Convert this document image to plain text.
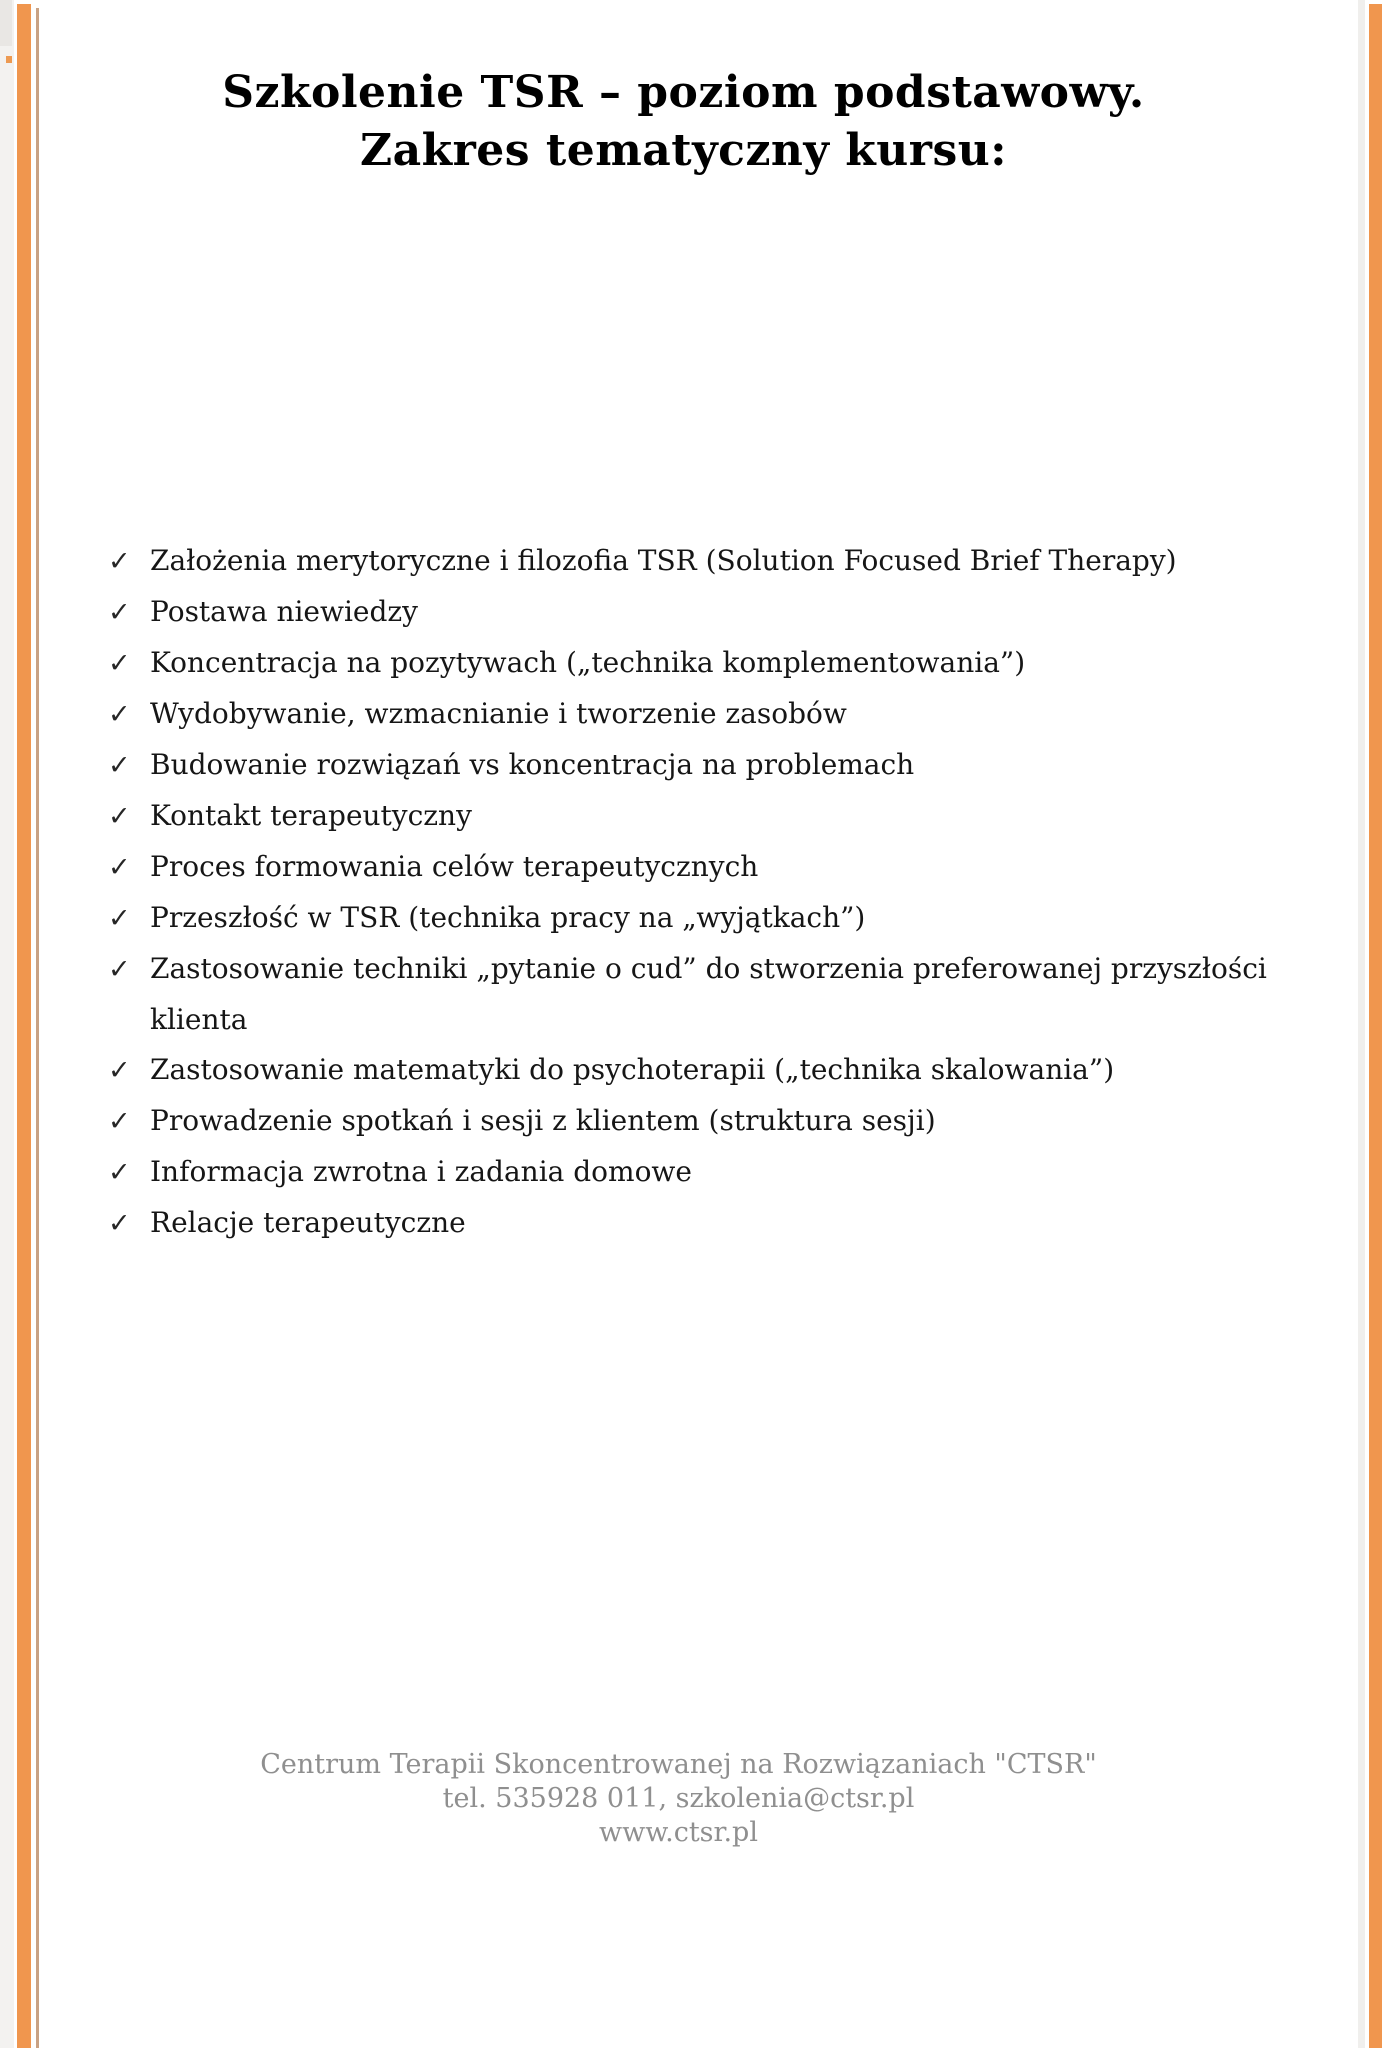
Szkolenie TSR – poziom podstawowy.
Zakres tematyczny kursu:
✓ Założenia merytoryczne i filozofia TSR (Solution Focused Brief Therapy)
✓ Postawa niewiedzy
✓ Koncentracja na pozytywach („technika komplementowania”)
✓ Wydobywanie, wzmacnianie i tworzenie zasobów
✓ Budowanie rozwiązań vs koncentracja na problemach
✓ Kontakt terapeutyczny
✓ Proces formowania celów terapeutycznych
✓ Przeszłość w TSR (technika pracy na „wyjątkach”)
✓ Zastosowanie techniki „pytanie o cud” do stworzenia preferowanej przyszłości klienta
✓ Zastosowanie matematyki do psychoterapii („technika skalowania”)
✓ Prowadzenie spotkań i sesji z klientem (struktura sesji)
✓ Informacja zwrotna i zadania domowe
✓ Relacje terapeutyczne
Centrum Terapii Skoncentrowanej na Rozwiązaniach "CTSR"
tel. 535928 011, szkolenia@ctsr.pl
www.ctsr.pl
